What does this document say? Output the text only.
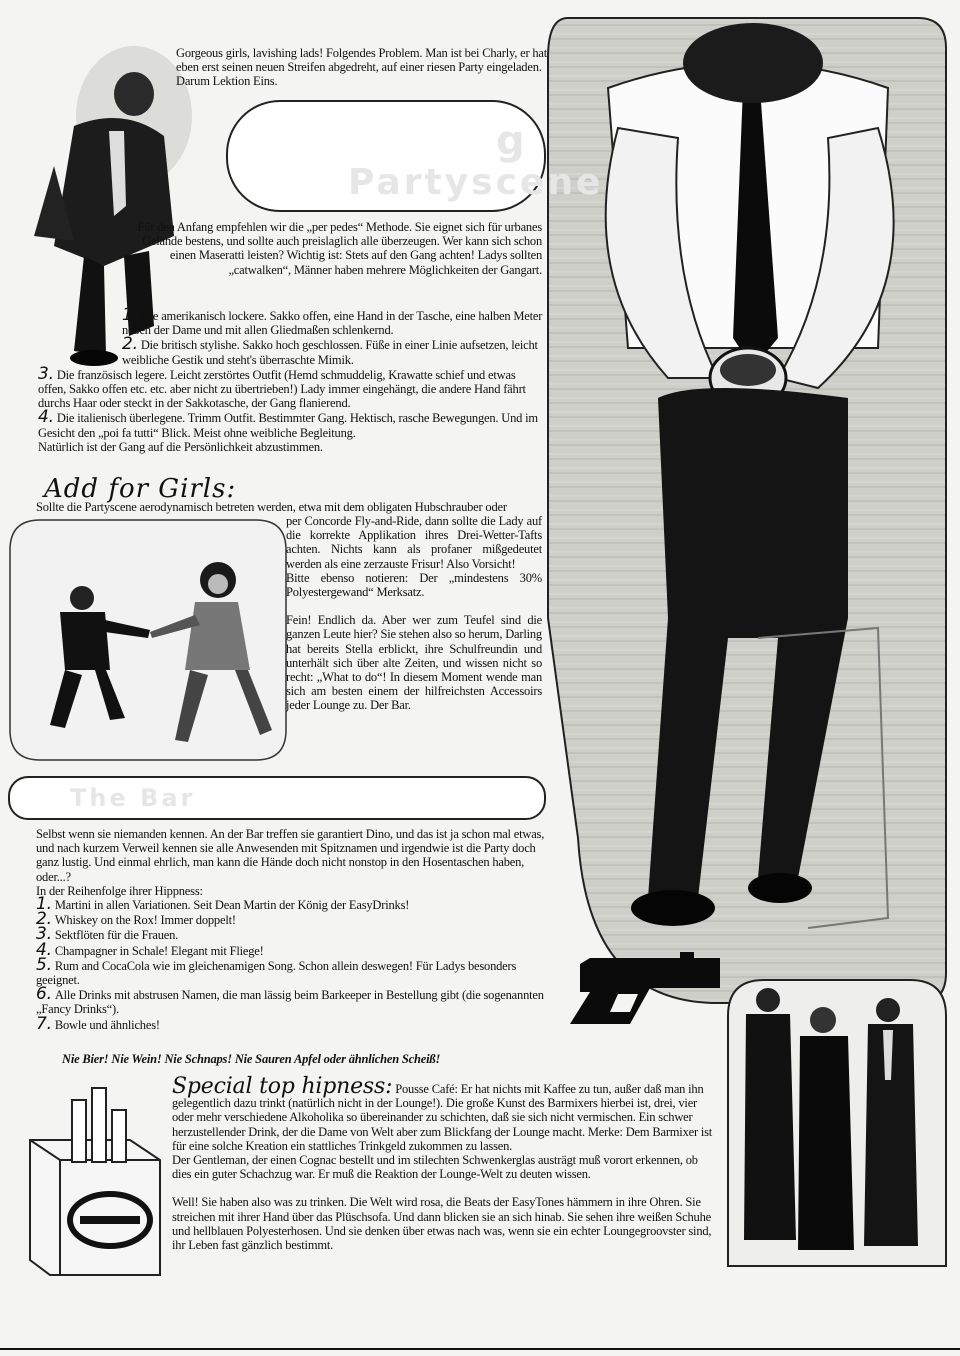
Gorgeous girls, lavishing lads! Folgendes Problem. Man ist bei Charly, er hat eben erst seinen neuen Streifen abgedreht, auf einer riesen Party eingeladen. Darum Lektion Eins.

g
Partyscene

Für den Anfang empfehlen wir die „per pedes“ Methode. Sie eignet sich für urbanes Gelände bestens, und sollte auch preislaglich alle überzeugen. Wer kann sich schon einen Maseratti leisten? Wichtig ist: Stets auf den Gang achten! Ladys sollten „catwalken“, Männer haben mehrere Möglichkeiten der Gangart.

1. Die amerikanisch lockere. Sakko offen, eine Hand in der Tasche, eine halben Meter neben der Dame und mit allen Gliedmaßen schlenkernd.

2. Die britisch stylishe. Sakko hoch geschlossen. Füße in einer Linie aufsetzen, leicht weibliche Gestik und steht's überraschte Mimik.

3. Die französisch legere. Leicht zerstörtes Outfit (Hemd schmuddelig, Krawatte schief und etwas offen, Sakko offen etc. etc. aber nicht zu übertrieben!) Lady immer eingehängt, die andere Hand fährt durchs Haar oder steckt in der Sakkotasche, der Gang flanierend.

4. Die italienisch überlegene. Trimm Outfit. Bestimmter Gang. Hektisch, rasche Bewegungen. Und im Gesicht den „poi fa tutti“ Blick. Meist ohne weibliche Begleitung.

Natürlich ist der Gang auf die Persönlichkeit abzustimmen.

Add for Girls:
Sollte die Partyscene aerodynamisch betreten werden, etwa mit dem obligaten Hubschrauber oder

per Concorde Fly-and-Ride, dann sollte die Lady auf die korrekte Applikation ihres Drei-Wetter-Tafts achten. Nichts kann als profaner mißgedeutet werden als eine zerzauste Frisur! Also Vorsicht!

Bitte ebenso notieren: Der „mindestens 30% Polyestergewand“ Merksatz.

Fein! Endlich da. Aber wer zum Teufel sind die ganzen Leute hier? Sie stehen also so herum, Darling hat bereits Stella erblickt, ihre Schulfreundin und unterhält sich über alte Zeiten, und wissen nicht so recht: „What to do“! In diesem Moment wende man sich am besten einem der hilfreichsten Accessoirs jeder Lounge zu. Der Bar.

The Bar

Selbst wenn sie niemanden kennen. An der Bar treffen sie garantiert Dino, und das ist ja schon mal etwas, und nach kurzem Verweil kennen sie alle Anwesenden mit Spitznamen und irgendwie ist die Party doch ganz lustig. Und einmal ehrlich, man kann die Hände doch nicht nonstop in den Hosentaschen haben, oder...?

In der Reihenfolge ihrer Hippness:

1. Martini in allen Variationen. Seit Dean Martin der König der EasyDrinks!

2. Whiskey on the Rox! Immer doppelt!

3. Sektflöten für die Frauen.

4. Champagner in Schale! Elegant mit Fliege!

5. Rum and CocaCola wie im gleichenamigen Song. Schon allein deswegen! Für Ladys besonders geeignet.

6. Alle Drinks mit abstrusen Namen, die man lässig beim Barkeeper in Bestellung gibt (die sogenannten „Fancy Drinks“).

7. Bowle und ähnliches!

Nie Bier! Nie Wein! Nie Schnaps! Nie Sauren Apfel oder ähnlichen Scheiß!

Special top hipness: Pousse Café: Er hat nichts mit Kaffee zu tun, außer daß man ihn gelegentlich dazu trinkt (natürlich nicht in der Lounge!). Die große Kunst des Barmixers hierbei ist, drei, vier oder mehr verschiedene Alkoholika so übereinander zu schichten, daß sie sich nicht vermischen. Ein schwer herzustellender Drink, der die Dame von Welt aber zum Blickfang der Lounge macht. Merke: Dem Barmixer ist für eine solche Kreation ein stattliches Trinkgeld zukommen zu lassen.

Der Gentleman, der einen Cognac bestellt und im stilechten Schwenkerglas austrägt muß vorort erkennen, ob dies ein guter Schachzug war. Er muß die Reaktion der Lounge-Welt zu deuten wissen.

Well! Sie haben also was zu trinken. Die Welt wird rosa, die Beats der EasyTones hämmern in ihre Ohren. Sie streichen mit ihrer Hand über das Plüschsofa. Und dann blicken sie an sich hinab. Sie sehen ihre weißen Schuhe und hellblauen Polyesterhosen. Und sie denken über etwas nach was, wenn sie ein echter Loungegroovster sind, ihr Leben fast gänzlich bestimmt.
